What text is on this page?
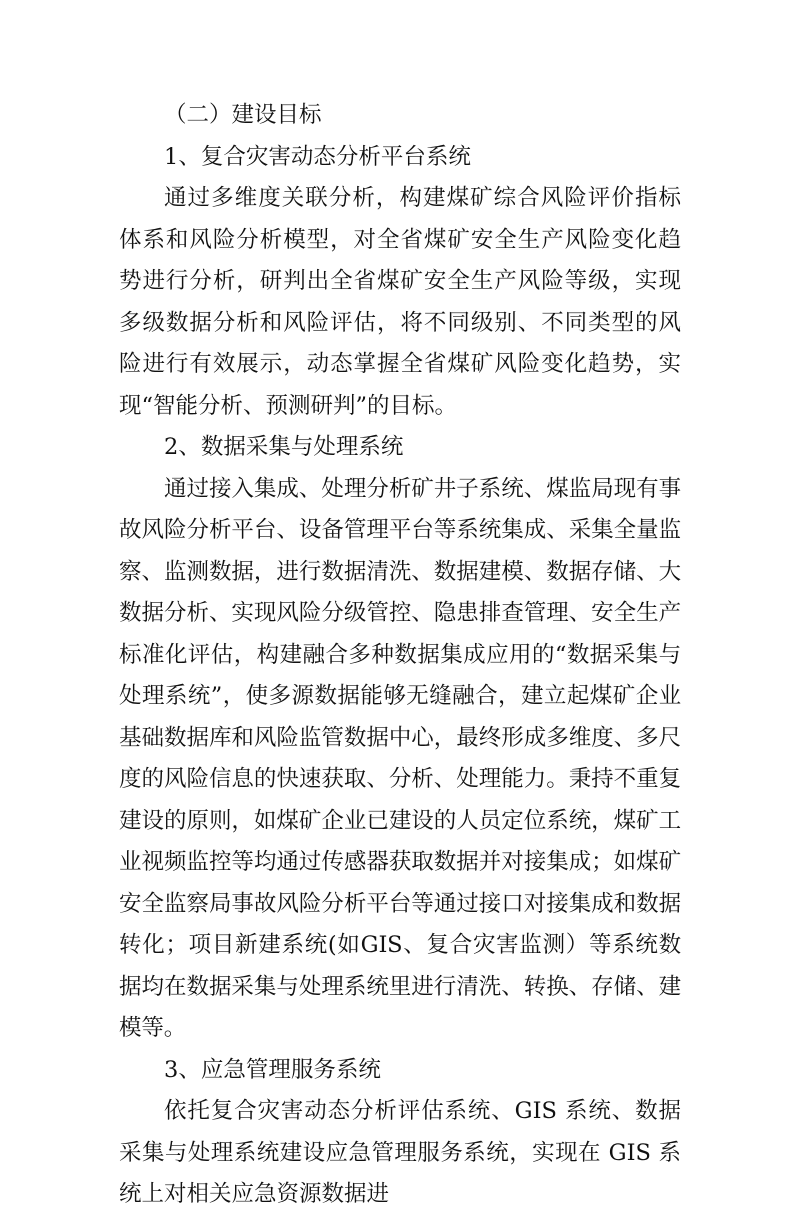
（二）建设目标
1、复合灾害动态分析平台系统

通过多维度关联分析，构建煤矿综合风险评价指标体系和风险分析模型，对全省煤矿安全生产风险变化趋势进行分析，研判出全省煤矿安全生产风险等级，实现多级数据分析和风险评估，将不同级别、不同类型的风险进行有效展示，动态掌握全省煤矿风险变化趋势，实现“智能分析、预测研判”的目标。

2、数据采集与处理系统

通过接入集成、处理分析矿井子系统、煤监局现有事故风险分析平台、设备管理平台等系统集成、采集全量监察、监测数据，进行数据清洗、数据建模、数据存储、大数据分析、实现风险分级管控、隐患排查管理、安全生产标准化评估，构建融合多种数据集成应用的“数据采集与处理系统”，使多源数据能够无缝融合，建立起煤矿企业基础数据库和风险监管数据中心，最终形成多维度、多尺度的风险信息的快速获取、分析、处理能力。秉持不重复建设的原则，如煤矿企业已建设的人员定位系统，煤矿工业视频监控等均通过传感器获取数据并对接集成；如煤矿安全监察局事故风险分析平台等通过接口对接集成和数据转化；项目新建系统(如GIS、复合灾害监测）等系统数据均在数据采集与处理系统里进行清洗、转换、存储、建模等。

3、应急管理服务系统

依托复合灾害动态分析评估系统、GIS 系统、数据采集与处理系统建设应急管理服务系统，实现在 GIS 系统上对相关应急资源数据进
